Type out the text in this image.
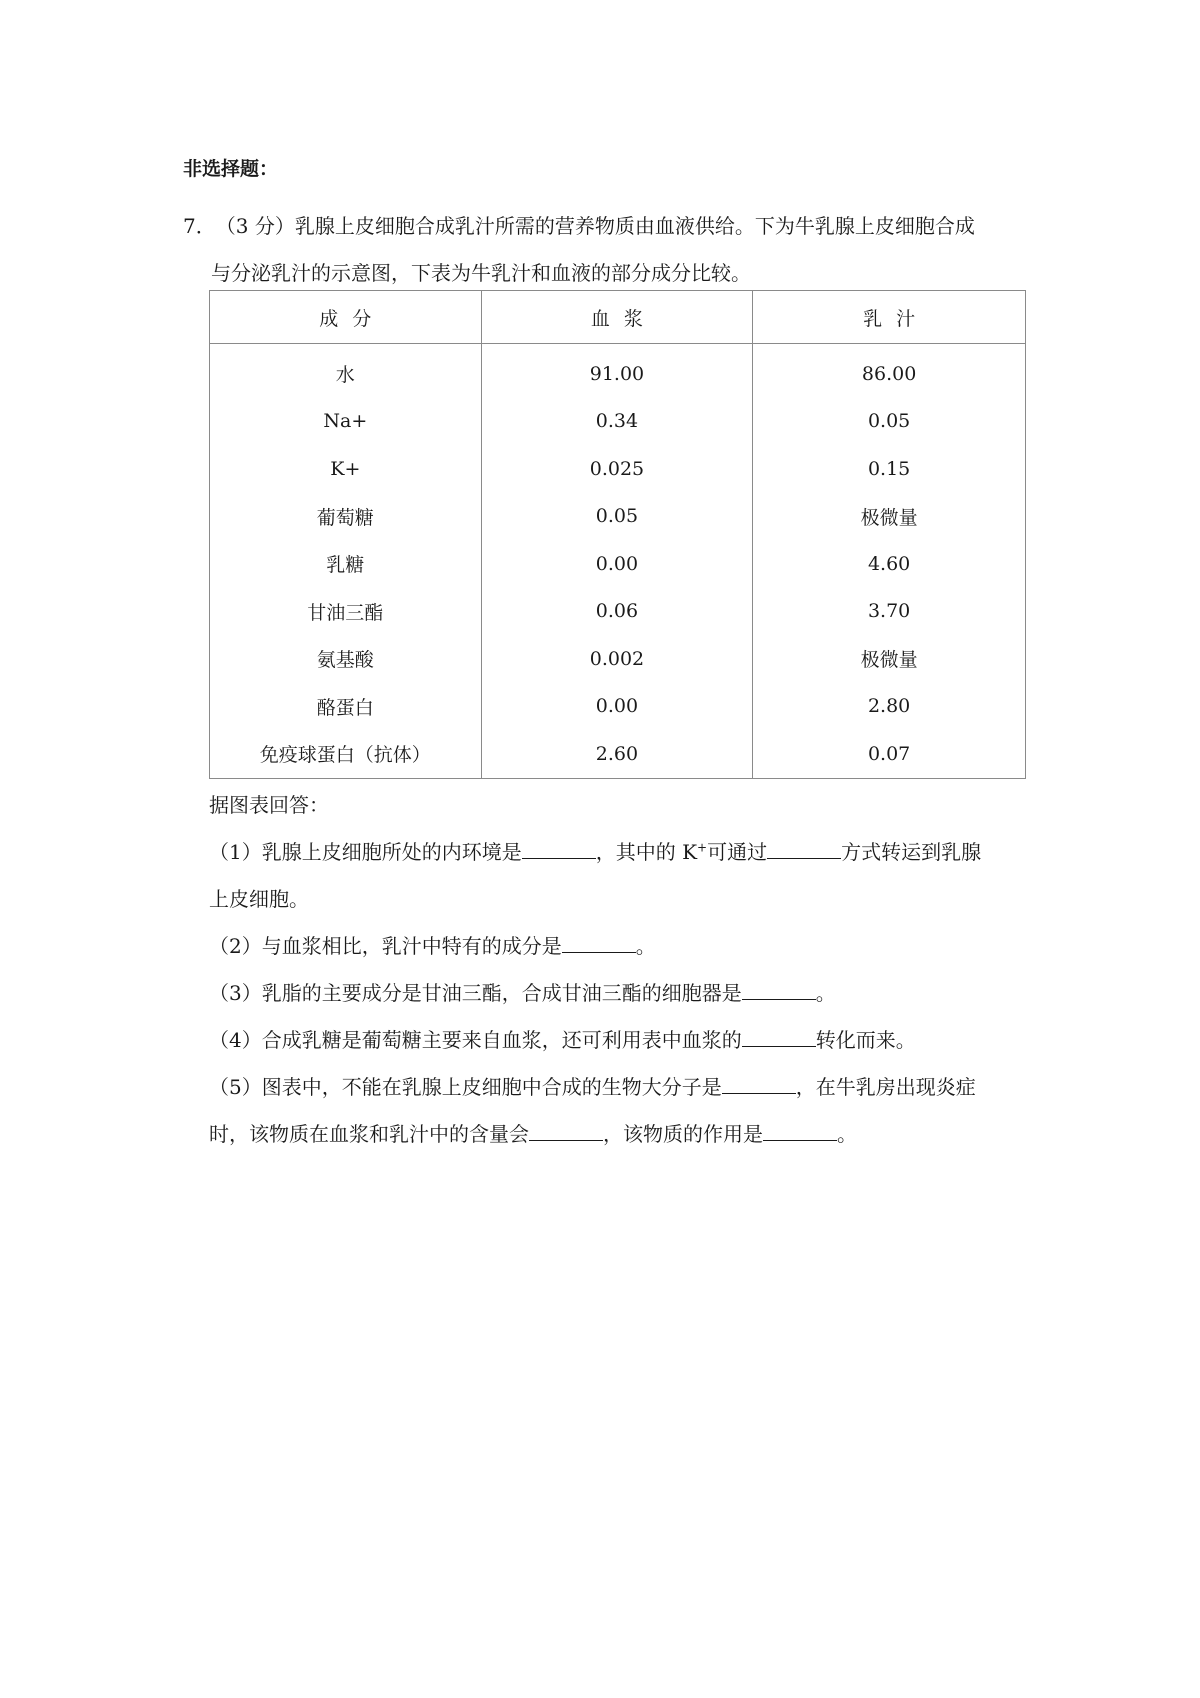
非选择题：
7．（3 分）乳腺上皮细胞合成乳汁所需的营养物质由血液供给。下为牛乳腺上皮细胞合成
与分泌乳汁的示意图，下表为牛乳汁和血液的部分成分比较。
成分	血浆	乳汁
水	91.00	86.00
Na+	0.34	0.05
K+	0.025	0.15
葡萄糖	0.05	极微量
乳糖	0.00	4.60
甘油三酯	0.06	3.70
氨基酸	0.002	极微量
酪蛋白	0.00	2.80
免疫球蛋白（抗体）	2.60	0.07
据图表回答：
（1）乳腺上皮细胞所处的内环境是	，其中的 K+可通过	方式转运到乳腺
上皮细胞。
（2）与血浆相比，乳汁中特有的成分是	。
（3）乳脂的主要成分是甘油三酯，合成甘油三酯的细胞器是	。
（4）合成乳糖是葡萄糖主要来自血浆，还可利用表中血浆的	转化而来。
（5）图表中，不能在乳腺上皮细胞中合成的生物大分子是	，在牛乳房出现炎症
时，该物质在血浆和乳汁中的含量会	，该物质的作用是	。
